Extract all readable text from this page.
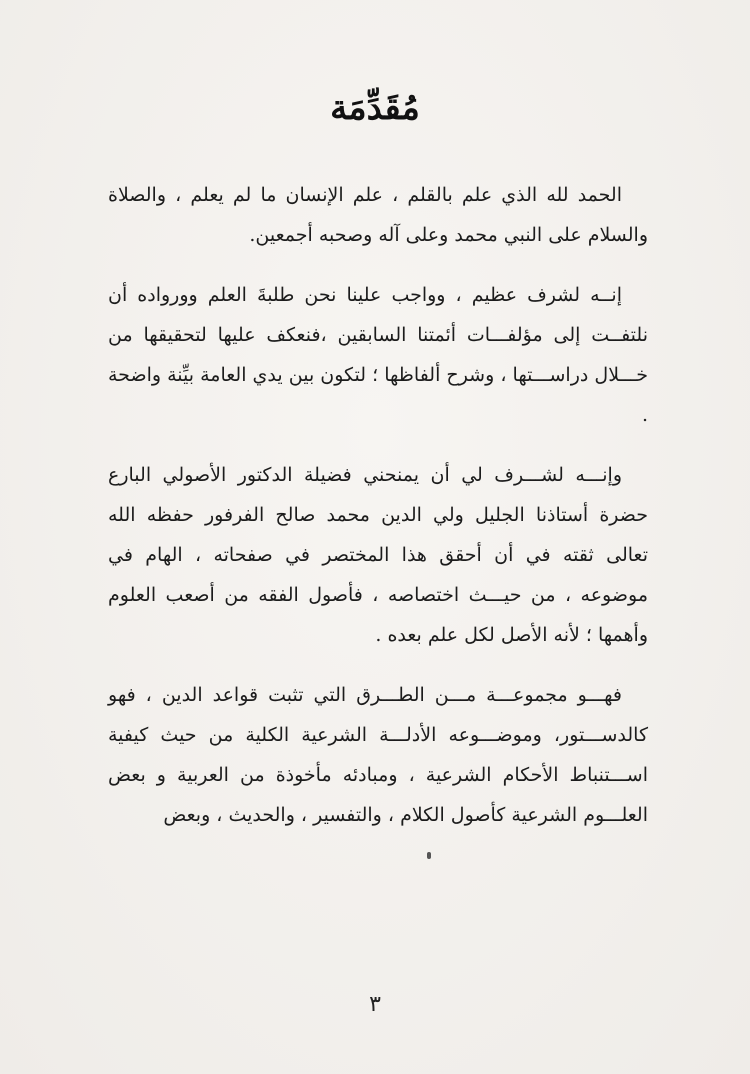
مُقَدِّمَة

الحمد لله الذي علم بالقلم ، علم الإنسان ما لم يعلم ، والصلاة والسلام على النبي محمد وعلى آله وصحبه أجمعين.

إنــه لشرف عظيم ، وواجب علينا نحن طلبةَ العلم وورواده أن نلتفــت إلى مؤلفـــات أئمتنا السابقين ،فنعكف عليها لتحقيقها من خـــلال دراســـتها ، وشرح ألفاظها ؛ لتكون بين يدي العامة بيِّنة واضحة .

وإنـــه لشـــرف لي أن يمنحني فضيلة الدكتور الأصولي البارع حضرة أستاذنا الجليل ولي الدين محمد صالح الفرفور حفظه الله تعالى ثقته في أن أحقق هذا المختصر في صفحاته ، الهام في موضوعه ، من حيـــث اختصاصه ، فأصول الفقه من أصعب العلوم وأهمها ؛ لأنه الأصل لكل علم بعده .

فهـــو مجموعـــة مـــن الطـــرق التي تثبت قواعد الدين ، فهو كالدســـتور، وموضـــوعه الأدلـــة الشرعية الكلية من حيث كيفية اســـتنباط الأحكام الشرعية ، ومبادئه مأخوذة من العربية و بعض العلـــوم الشرعية كأصول الكلام ، والتفسير ، والحديث ، وبعض

٣
